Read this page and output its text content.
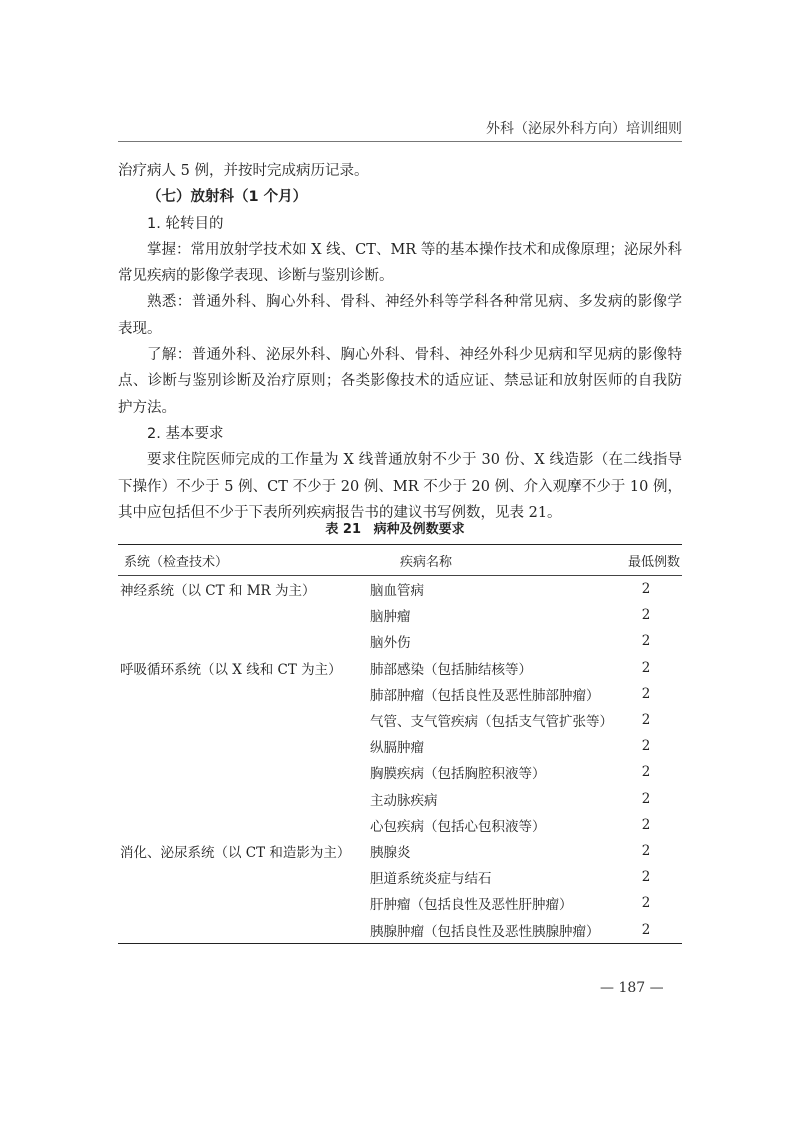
外科（泌尿外科方向）培训细则

治疗病人 5 例，并按时完成病历记录。

（七）放射科（1 个月）

1. 轮转目的

掌握：常用放射学技术如 X 线、CT、MR 等的基本操作技术和成像原理；泌尿外科常见疾病的影像学表现、诊断与鉴别诊断。

熟悉：普通外科、胸心外科、骨科、神经外科等学科各种常见病、多发病的影像学表现。

了解：普通外科、泌尿外科、胸心外科、骨科、神经外科少见病和罕见病的影像特点、诊断与鉴别诊断及治疗原则；各类影像技术的适应证、禁忌证和放射医师的自我防护方法。

2. 基本要求

要求住院医师完成的工作量为 X 线普通放射不少于 30 份、X 线造影（在二线指导下操作）不少于 5 例、CT 不少于 20 例、MR 不少于 20 例、介入观摩不少于 10 例，其中应包括但不少于下表所列疾病报告书的建议书写例数，见表 21。

表 21 病种及例数要求
系统（检查技术）	疾病名称	最低例数
神经系统（以 CT 和 MR 为主）	脑血管病	2
	脑肿瘤	2
	脑外伤	2
呼吸循环系统（以 X 线和 CT 为主）	肺部感染（包括肺结核等）	2
	肺部肿瘤（包括良性及恶性肺部肿瘤）	2
	气管、支气管疾病（包括支气管扩张等）	2
	纵膈肿瘤	2
	胸膜疾病（包括胸腔积液等）	2
	主动脉疾病	2
	心包疾病（包括心包积液等）	2
消化、泌尿系统（以 CT 和造影为主）	胰腺炎	2
	胆道系统炎症与结石	2
	肝肿瘤（包括良性及恶性肝肿瘤）	2
	胰腺肿瘤（包括良性及恶性胰腺肿瘤）	2
— 187 —
